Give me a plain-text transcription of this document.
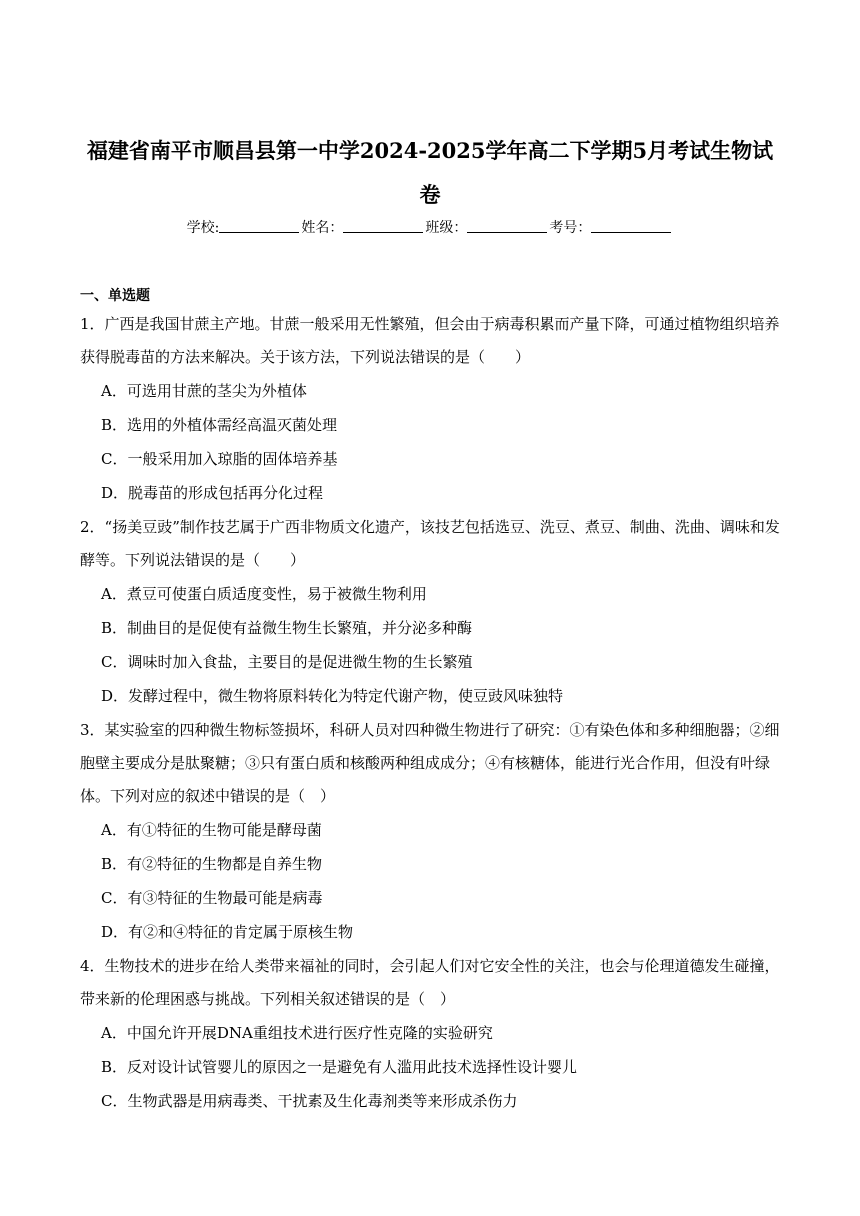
福建省南平市顺昌县第一中学2024-2025学年高二下学期5月考试生物试
卷
学校:	姓名：	班级：	考号：
一、单选题
1．广西是我国甘蔗主产地。甘蔗一般采用无性繁殖，但会由于病毒积累而产量下降，可通过植物组织培养
获得脱毒苗的方法来解决。关于该方法，下列说法错误的是（　　）
A．可选用甘蔗的茎尖为外植体
B．选用的外植体需经高温灭菌处理
C．一般采用加入琼脂的固体培养基
D．脱毒苗的形成包括再分化过程
2．“扬美豆豉”制作技艺属于广西非物质文化遗产，该技艺包括选豆、洗豆、煮豆、制曲、洗曲、调味和发
酵等。下列说法错误的是（　　）
A．煮豆可使蛋白质适度变性，易于被微生物利用
B．制曲目的是促使有益微生物生长繁殖，并分泌多种酶
C．调味时加入食盐，主要目的是促进微生物的生长繁殖
D．发酵过程中，微生物将原料转化为特定代谢产物，使豆豉风味独特
3．某实验室的四种微生物标签损坏，科研人员对四种微生物进行了研究：①有染色体和多种细胞器；②细
胞壁主要成分是肽聚糖；③只有蛋白质和核酸两种组成成分；④有核糖体，能进行光合作用，但没有叶绿
体。下列对应的叙述中错误的是（　）
A．有①特征的生物可能是酵母菌
B．有②特征的生物都是自养生物
C．有③特征的生物最可能是病毒
D．有②和④特征的肯定属于原核生物
4．生物技术的进步在给人类带来福祉的同时，会引起人们对它安全性的关注，也会与伦理道德发生碰撞，
带来新的伦理困惑与挑战。下列相关叙述错误的是（　）
A．中国允许开展DNA重组技术进行医疗性克隆的实验研究
B．反对设计试管婴儿的原因之一是避免有人滥用此技术选择性设计婴儿
C．生物武器是用病毒类、干扰素及生化毒剂类等来形成杀伤力
